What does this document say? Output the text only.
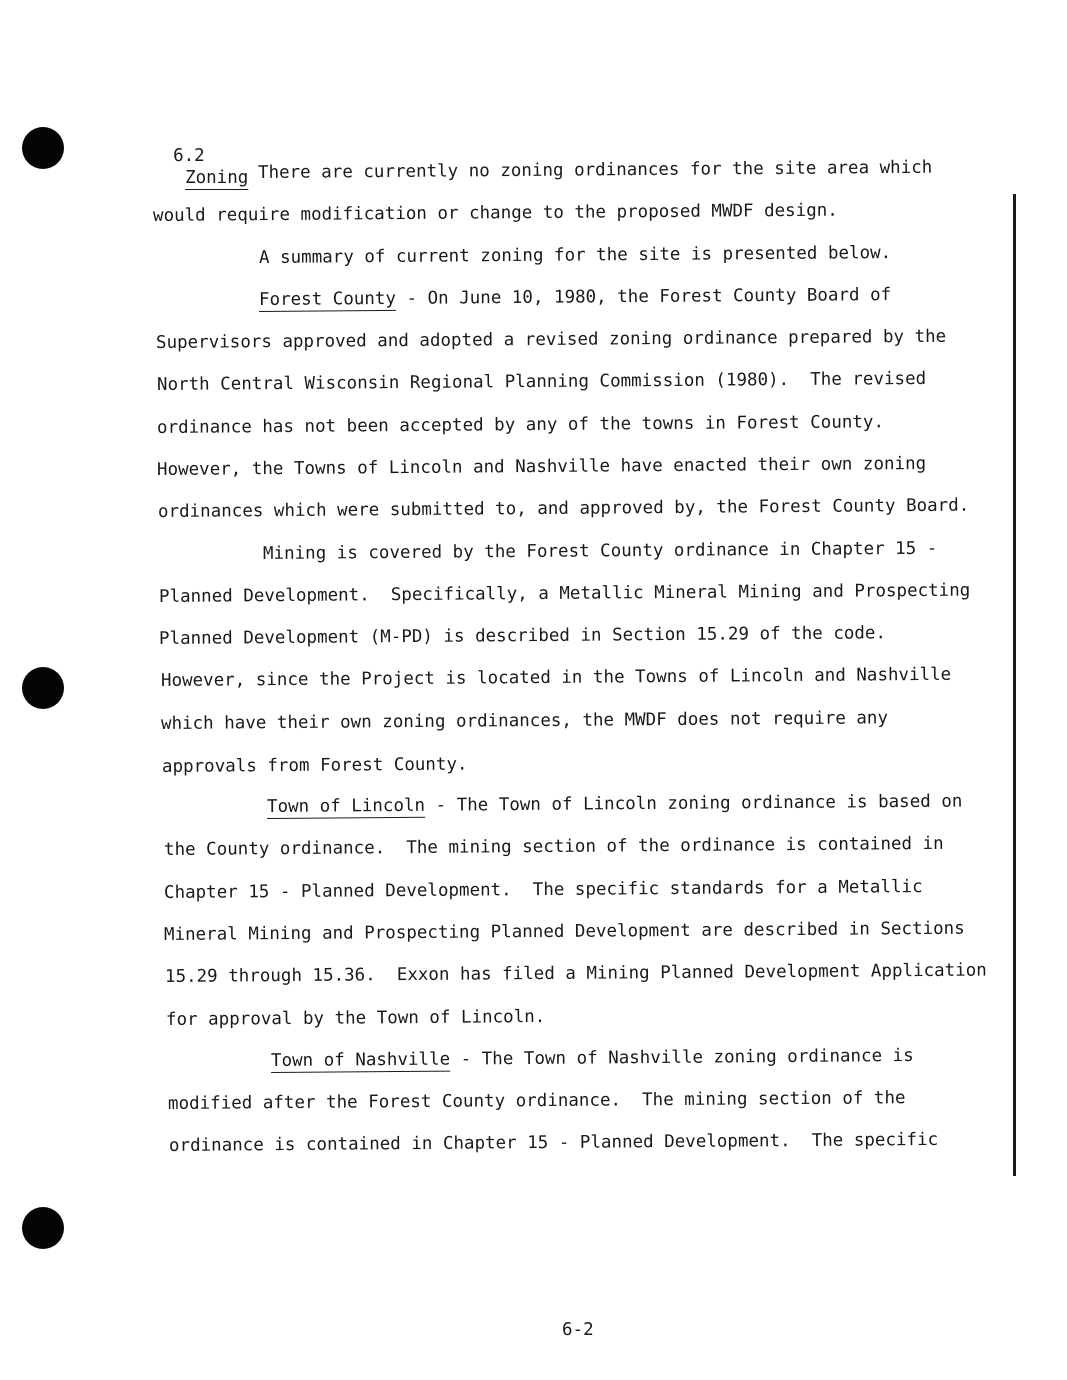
6.2
Zoning There are currently no zoning ordinances for the site area which
would require modification or change to the proposed MWDF design.
A summary of current zoning for the site is presented below.
Forest County - On June 10, 1980, the Forest County Board of
Supervisors approved and adopted a revised zoning ordinance prepared by the
North Central Wisconsin Regional Planning Commission (1980).  The revised
ordinance has not been accepted by any of the towns in Forest County.
However, the Towns of Lincoln and Nashville have enacted their own zoning
ordinances which were submitted to, and approved by, the Forest County Board.
Mining is covered by the Forest County ordinance in Chapter 15 -
Planned Development.  Specifically, a Metallic Mineral Mining and Prospecting
Planned Development (M-PD) is described in Section 15.29 of the code.
However, since the Project is located in the Towns of Lincoln and Nashville
which have their own zoning ordinances, the MWDF does not require any
approvals from Forest County.
Town of Lincoln - The Town of Lincoln zoning ordinance is based on
the County ordinance.  The mining section of the ordinance is contained in
Chapter 15 - Planned Development.  The specific standards for a Metallic
Mineral Mining and Prospecting Planned Development are described in Sections
15.29 through 15.36.  Exxon has filed a Mining Planned Development Application
for approval by the Town of Lincoln.
Town of Nashville - The Town of Nashville zoning ordinance is
modified after the Forest County ordinance.  The mining section of the
ordinance is contained in Chapter 15 - Planned Development.  The specific
6-2
